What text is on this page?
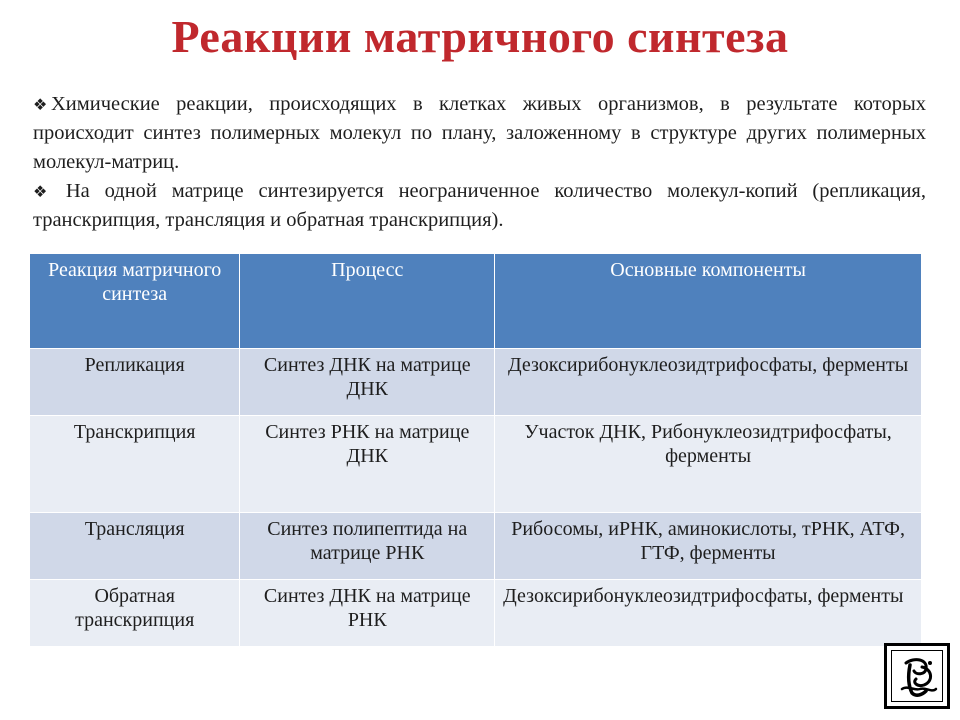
Реакции матричного синтеза

❖ Химические реакции, происходящих в клетках живых организмов, в результате которых происходит синтез полимерных молекул по плану, заложенному в структуре других полимерных молекул-матриц.

❖ На одной матрице синтезируется неограниченное количество молекул-копий (репликация, транскрипция, трансляция и обратная транскрипция).

Реакция матричного синтеза	Процесс	Основные компоненты
Репликация	Синтез ДНК на матрице ДНК	Дезоксирибонуклеозидтрифосфаты, ферменты
Транскрипция	Синтез РНК на матрице ДНК	Участок ДНК, Рибонуклеозидтрифосфаты, ферменты
Трансляция	Синтез полипептида на матрице РНК	Рибосомы, иРНК, аминокислоты, тРНК, АТФ, ГТФ, ферменты
Обратная транскрипция	Синтез ДНК на матрице РНК	Дезоксирибонуклеозидтрифосфаты, ферменты
